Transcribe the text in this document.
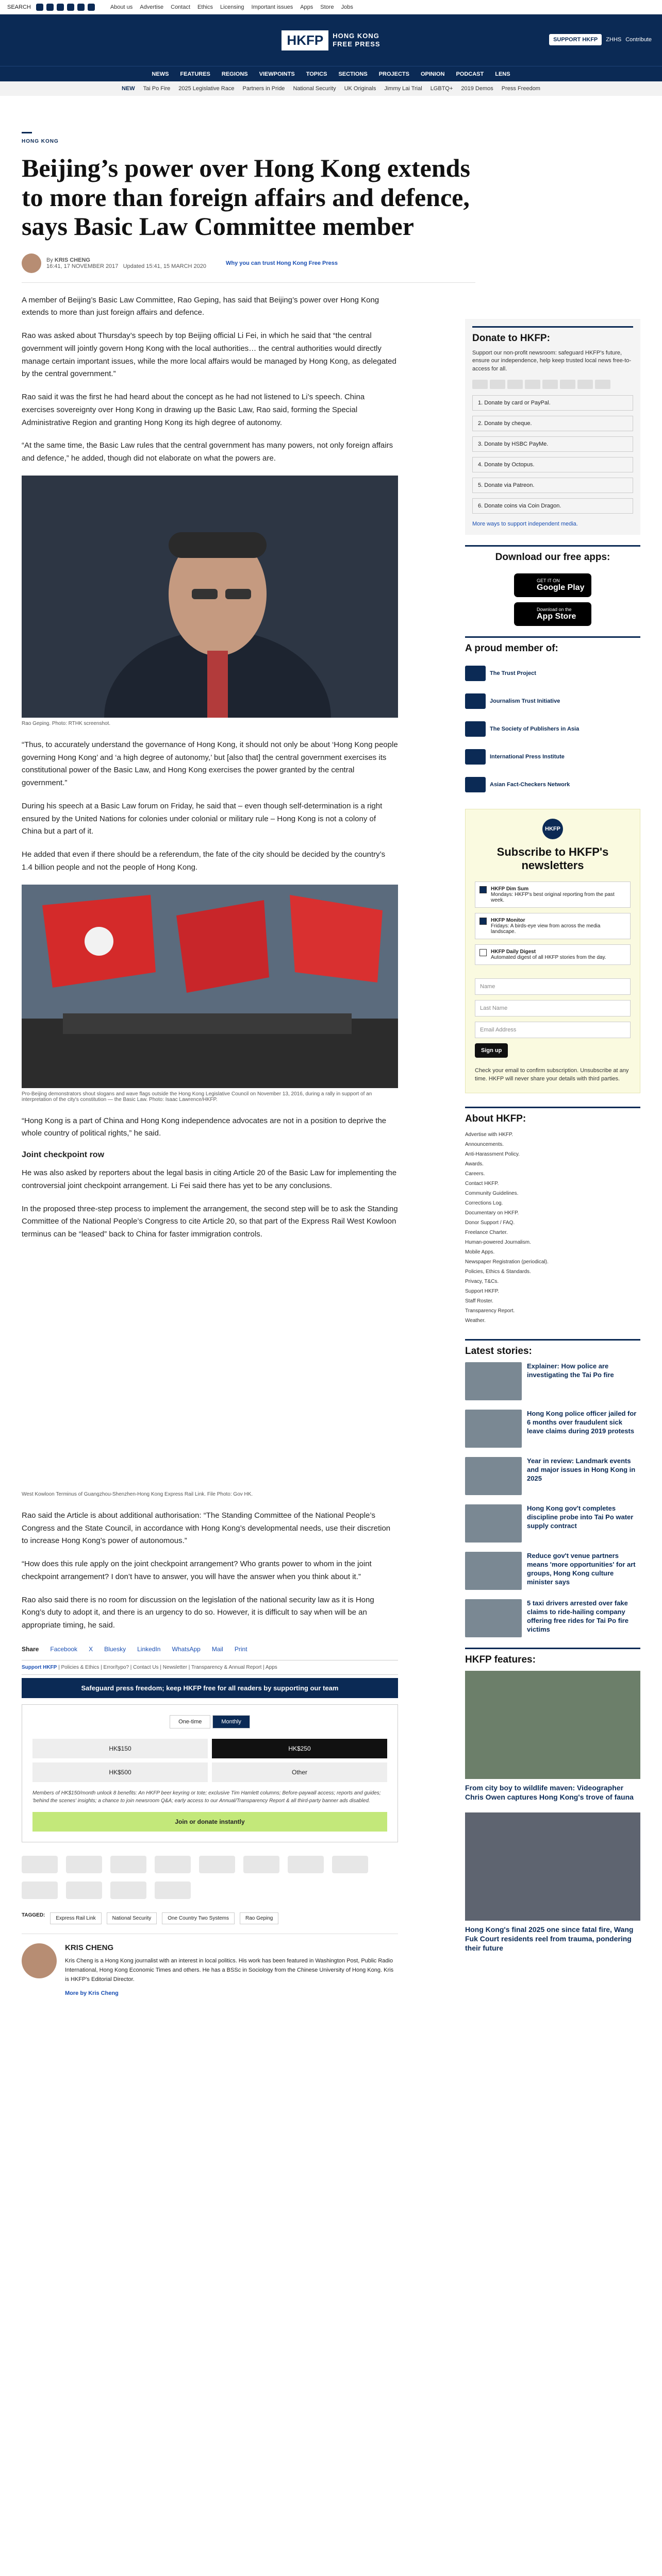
SEARCH	About us Advertise Contact Ethics Licensing Important issues Apps Store Jobs
HKFP	HONG KONG
FREE PRESS
SUPPORT HKFP	ZHHS Contribute
NEWS FEATURES REGIONS VIEWPOINTS TOPICS SECTIONS PROJECTS OPINION PODCAST LENS
NEW Tai Po Fire 2025 Legislative Race Partners in Pride National Security UK Originals Jimmy Lai Trial LGBTQ+ 2019 Demos Press Freedom
HONG KONG
Beijing’s power over Hong Kong extends to more than foreign affairs and defence, says Basic Law Committee member
By KRIS CHENG
16:41, 17 NOVEMBER 2017 Updated 15:41, 15 MARCH 2020	Why you can trust Hong Kong Free Press

A member of Beijing’s Basic Law Committee, Rao Geping, has said that Beijing’s power over Hong Kong extends to more than just foreign affairs and defence.

Rao was asked about Thursday’s speech by top Beijing official Li Fei, in which he said that “the central government will jointly govern Hong Kong with the local authorities… the central authorities would directly manage certain important issues, while the more local affairs would be managed by Hong Kong, as delegated by the central government.”

Rao said it was the first he had heard about the concept as he had not listened to Li’s speech. China exercises sovereignty over Hong Kong in drawing up the Basic Law, Rao said, forming the Special Administrative Region and granting Hong Kong its high degree of autonomy.

“At the same time, the Basic Law rules that the central government has many powers, not only foreign affairs and defence,” he added, though did not elaborate on what the powers are.

Rao Geping. Photo: RTHK screenshot.

“Thus, to accurately understand the governance of Hong Kong, it should not only be about ‘Hong Kong people governing Hong Kong’ and ‘a high degree of autonomy,’ but [also that] the central government exercises its constitutional power of the Basic Law, and Hong Kong exercises the power granted by the central government.”

During his speech at a Basic Law forum on Friday, he said that – even though self-determination is a right ensured by the United Nations for colonies under colonial or military rule – Hong Kong is not a colony of China but a part of it.

He added that even if there should be a referendum, the fate of the city should be decided by the country’s 1.4 billion people and not the people of Hong Kong.

Pro-Beijing demonstrators shout slogans and wave flags outside the Hong Kong Legislative Council on November 13, 2016, during a rally in support of an interpretation of the city's constitution — the Basic Law. Photo: Isaac Lawrence/HKFP.

“Hong Kong is a part of China and Hong Kong independence advocates are not in a position to deprive the whole country of political rights,” he said.

Joint checkpoint row

He was also asked by reporters about the legal basis in citing Article 20 of the Basic Law for implementing the controversial joint checkpoint arrangement. Li Fei said there has yet to be any conclusions.

In the proposed three-step process to implement the arrangement, the second step will be to ask the Standing Committee of the National People’s Congress to cite Article 20, so that part of the Express Rail West Kowloon terminus can be “leased” back to China for faster immigration controls.

West Kowloon Terminus of Guangzhou-Shenzhen-Hong Kong Express Rail Link. File Photo: Gov HK.

Rao said the Article is about additional authorisation: “The Standing Committee of the National People’s Congress and the State Council, in accordance with Hong Kong’s developmental needs, use their discretion to increase Hong Kong’s power of autonomous.”

“How does this rule apply on the joint checkpoint arrangement? Who grants power to whom in the joint checkpoint arrangement? I don’t have to answer, you will have the answer when you think about it.”

Rao also said there is no room for discussion on the legislation of the national security law as it is Hong Kong’s duty to adopt it, and there is an urgency to do so. However, it is difficult to say when will be an appropriate timing, he said.

Share Facebook X Bluesky LinkedIn WhatsApp Mail Print
Support HKFP | Policies & Ethics | Error/typo? | Contact Us | Newsletter | Transparency & Annual Report | Apps
Safeguard press freedom; keep HKFP free for all readers by supporting our team
One-time	Monthly
HK$150	HK$250
HK$500	Other
Members of HK$150/month unlock 8 benefits: An HKFP beer keyring or tote; exclusive Tim Hamlett columns; Before-paywall access; reports and guides; 'behind the scenes' insights; a chance to join newsroom Q&A; early access to our Annual/Transparency Report & all third-party banner ads disabled.
Join or donate instantly
TAGGED:
Express Rail Link	National Security	One Country Two Systems	Rao Geping
KRIS CHENG

Kris Cheng is a Hong Kong journalist with an interest in local politics. His work has been featured in Washington Post, Public Radio International, Hong Kong Economic Times and others. He has a BSSc in Sociology from the Chinese University of Hong Kong. Kris is HKFP's Editorial Director.

More by Kris Cheng
Donate to HKFP:
Support our non-profit newsroom: safeguard HKFP's future, ensure our independence, help keep trusted local news free-to-access for all.
1. Donate by card or PayPal.
2. Donate by cheque.
3. Donate by HSBC PayMe.
4. Donate by Octopus.
5. Donate via Patreon.
6. Donate coins via Coin Dragon.
More ways to support independent media.
Download our free apps:
GET IT ON
Google Play
Download on the
App Store
A proud member of:
The Trust Project
Journalism Trust Initiative
The Society of Publishers in Asia
International Press Institute
Asian Fact-Checkers Network
HKFP
Subscribe to HKFP's newsletters
HKFP Dim Sum
Mondays: HKFP's best original reporting from the past week.
HKFP Monitor
Fridays: A birds-eye view from across the media landscape.
HKFP Daily Digest
Automated digest of all HKFP stories from the day.
Name
Last Name
Email Address
Sign up

Check your email to confirm subscription. Unsubscribe at any time. HKFP will never share your details with third parties.

About HKFP:
Advertise with HKFP.
Announcements.
Anti-Harassment Policy.
Awards.
Careers.
Contact HKFP.
Community Guidelines.
Corrections Log.
Documentary on HKFP.
Donor Support / FAQ.
Freelance Charter.
Human-powered Journalism.
Mobile Apps.
Newspaper Registration (periodical).
Policies, Ethics & Standards.
Privacy, T&Cs.
Support HKFP.
Staff Roster.
Transparency Report.
Weather.
Latest stories:
Explainer: How police are investigating the Tai Po fire
Hong Kong police officer jailed for 6 months over fraudulent sick leave claims during 2019 protests
Year in review: Landmark events and major issues in Hong Kong in 2025
Hong Kong gov't completes discipline probe into Tai Po water supply contract
Reduce gov't venue partners means 'more opportunities' for art groups, Hong Kong culture minister says
5 taxi drivers arrested over fake claims to ride-hailing company offering free rides for Tai Po fire victims
HKFP features:
From city boy to wildlife maven: Videographer Chris Owen captures Hong Kong's trove of fauna
Hong Kong's final 2025 one since fatal fire, Wang Fuk Court residents reel from trauma, pondering their future
